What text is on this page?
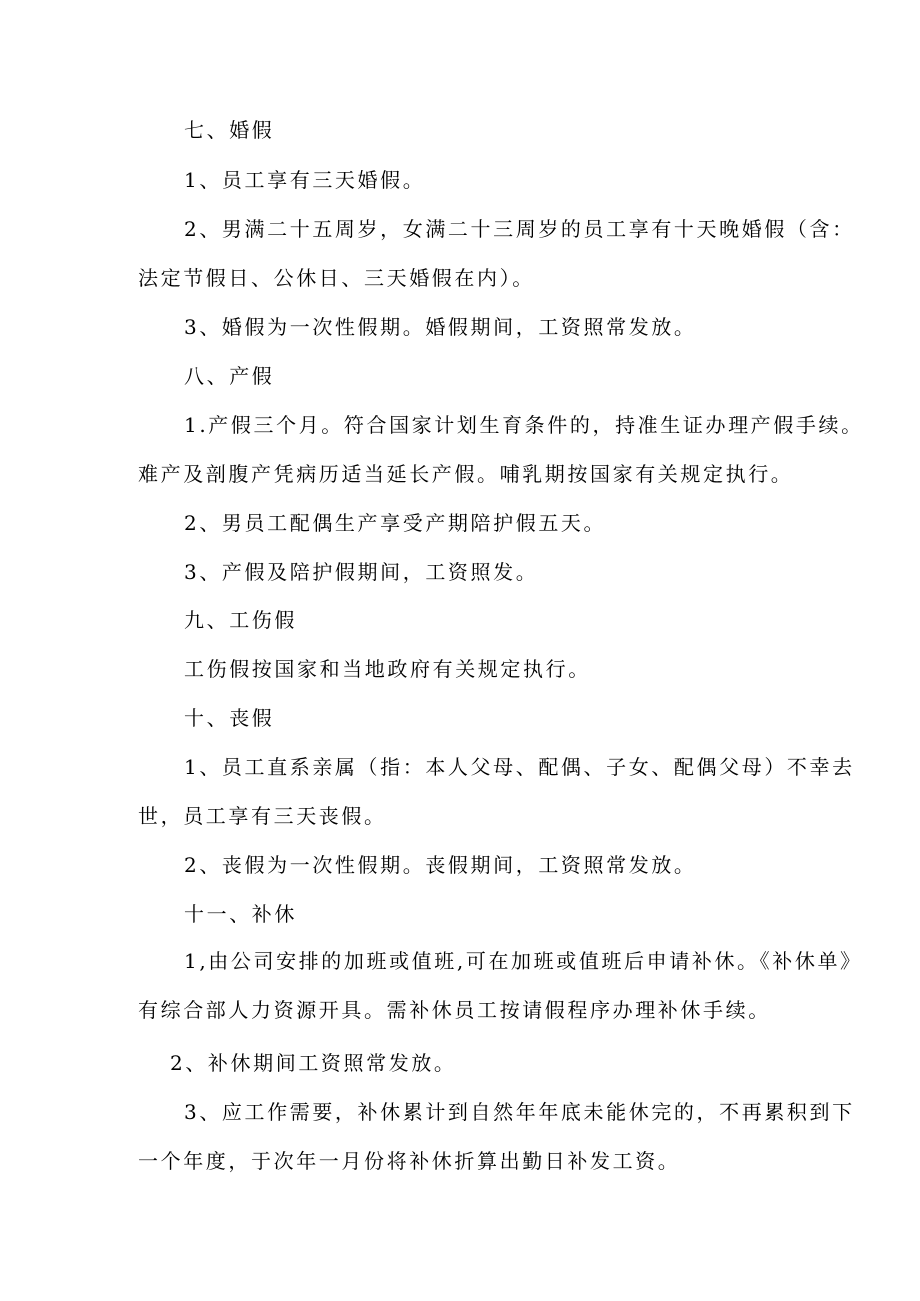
七、婚假
1、员工享有三天婚假。
2、男满二十五周岁，女满二十三周岁的员工享有十天晚婚假（含：
法定节假日、公休日、三天婚假在内）。
3、婚假为一次性假期。婚假期间，工资照常发放。
八、产假
1.产假三个月。符合国家计划生育条件的，持准生证办理产假手续。
难产及剖腹产凭病历适当延长产假。哺乳期按国家有关规定执行。
2、男员工配偶生产享受产期陪护假五天。
3、产假及陪护假期间，工资照发。
九、工伤假
工伤假按国家和当地政府有关规定执行。
十、丧假
1、员工直系亲属（指：本人父母、配偶、子女、配偶父母）不幸去
世，员工享有三天丧假。
2、丧假为一次性假期。丧假期间，工资照常发放。
十一、补休
1,由公司安排的加班或值班,可在加班或值班后申请补休。《补休单》
有综合部人力资源开具。需补休员工按请假程序办理补休手续。
2、补休期间工资照常发放。
3、应工作需要，补休累计到自然年年底未能休完的，不再累积到下
一个年度，于次年一月份将补休折算出勤日补发工资。
